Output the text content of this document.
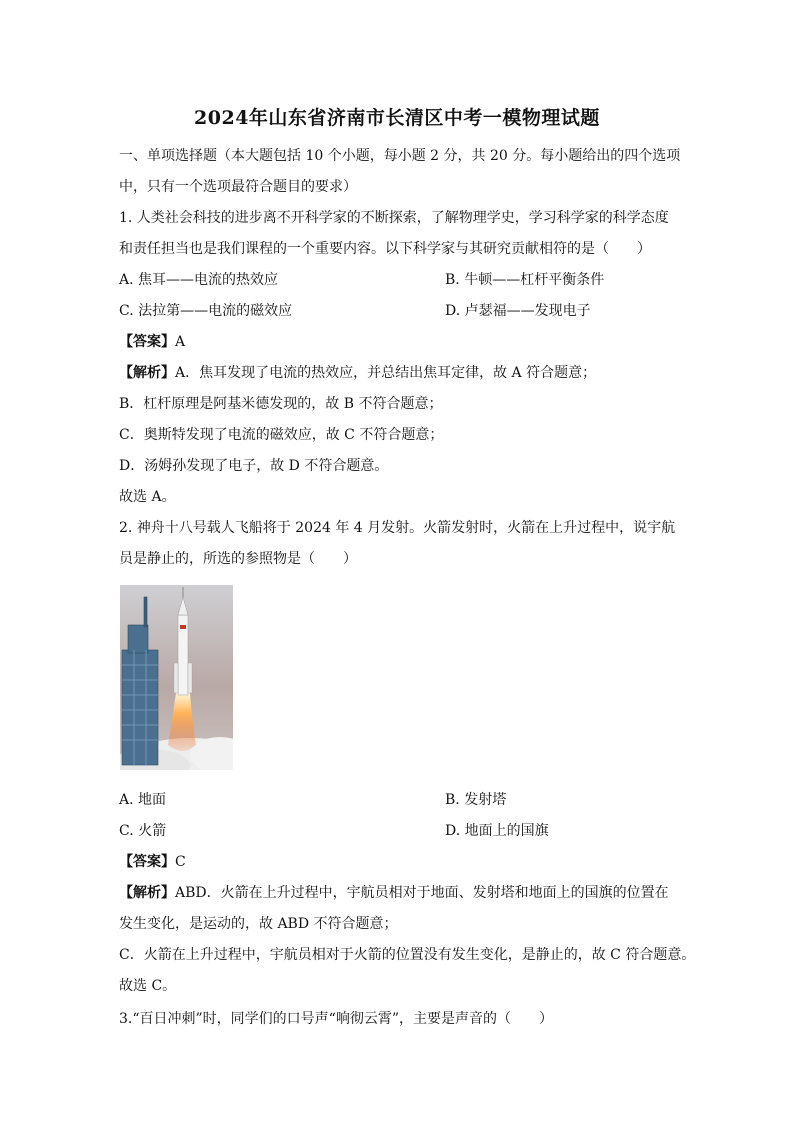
2024年山东省济南市长清区中考一模物理试题
一、单项选择题（本大题包括 10 个小题，每小题 2 分，共 20 分。每小题给出的四个选项
中，只有一个选项最符合题目的要求）
1. 人类社会科技的进步离不开科学家的不断探索，了解物理学史，学习科学家的科学态度
和责任担当也是我们课程的一个重要内容。以下科学家与其研究贡献相符的是（　　）
A. 焦耳——电流的热效应	B. 牛顿——杠杆平衡条件
C. 法拉第——电流的磁效应	D. 卢瑟福——发现电子
【答案】A
【解析】A．焦耳发现了电流的热效应，并总结出焦耳定律，故 A 符合题意；
B．杠杆原理是阿基米德发现的，故 B 不符合题意；
C．奥斯特发现了电流的磁效应，故 C 不符合题意；
D．汤姆孙发现了电子，故 D 不符合题意。
故选 A。
2. 神舟十八号载人飞船将于 2024 年 4 月发射。火箭发射时，火箭在上升过程中，说宇航
员是静止的，所选的参照物是（　　）
A. 地面	B. 发射塔
C. 火箭	D. 地面上的国旗
【答案】C
【解析】ABD．火箭在上升过程中，宇航员相对于地面、发射塔和地面上的国旗的位置在
发生变化，是运动的，故 ABD 不符合题意；
C．火箭在上升过程中，宇航员相对于火箭的位置没有发生变化，是静止的，故 C 符合题意。
故选 C。
3.“百日冲刺”时，同学们的口号声“响彻云霄”，主要是声音的（　　）
